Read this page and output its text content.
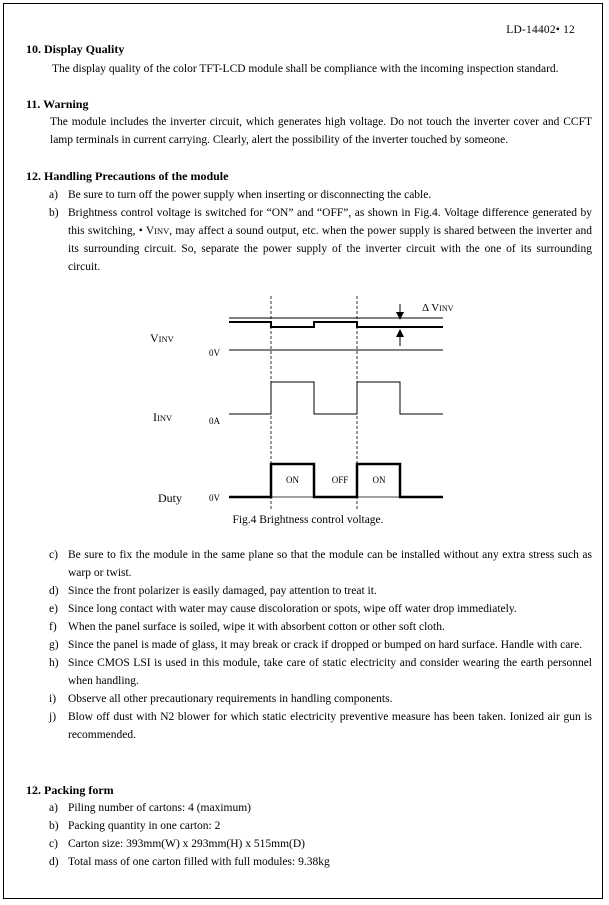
LD-14402• 12
10. Display Quality
The display quality of the color TFT-LCD module shall be compliance with the incoming inspection standard.
11. Warning
The module includes the inverter circuit, which generates high voltage. Do not touch the inverter cover and CCFT lamp terminals in current carrying. Clearly, alert the possibility of the inverter touched by someone.
12. Handling Precautions of the module
a) Be sure to turn off the power supply when inserting or disconnecting the cable.
b) Brightness control voltage is switched for “ON” and “OFF”, as shown in Fig.4. Voltage difference generated by this switching, • VINV, may affect a sound output, etc. when the power supply is shared between the inverter and its surrounding circuit. So, separate the power supply of the inverter circuit with the one of its surrounding circuit.
Δ VINV
VINV
0V
IINV	0A
Duty	0V
ON	OFF	ON
Fig.4 Brightness control voltage.
c) Be sure to fix the module in the same plane so that the module can be installed without any extra stress such as warp or twist.
d) Since the front polarizer is easily damaged, pay attention to treat it.
e) Since long contact with water may cause discoloration or spots, wipe off water drop immediately.
f) When the panel surface is soiled, wipe it with absorbent cotton or other soft cloth.
g) Since the panel is made of glass, it may break or crack if dropped or bumped on hard surface. Handle with care.
h) Since CMOS LSI is used in this module, take care of static electricity and consider wearing the earth personnel when handling.
i) Observe all other precautionary requirements in handling components.
j) Blow off dust with N2 blower for which static electricity preventive measure has been taken. Ionized air gun is recommended.
12. Packing form
a) Piling number of cartons: 4 (maximum)
b) Packing quantity in one carton: 2
c) Carton size: 393mm(W) x 293mm(H) x 515mm(D)
d) Total mass of one carton filled with full modules: 9.38kg
